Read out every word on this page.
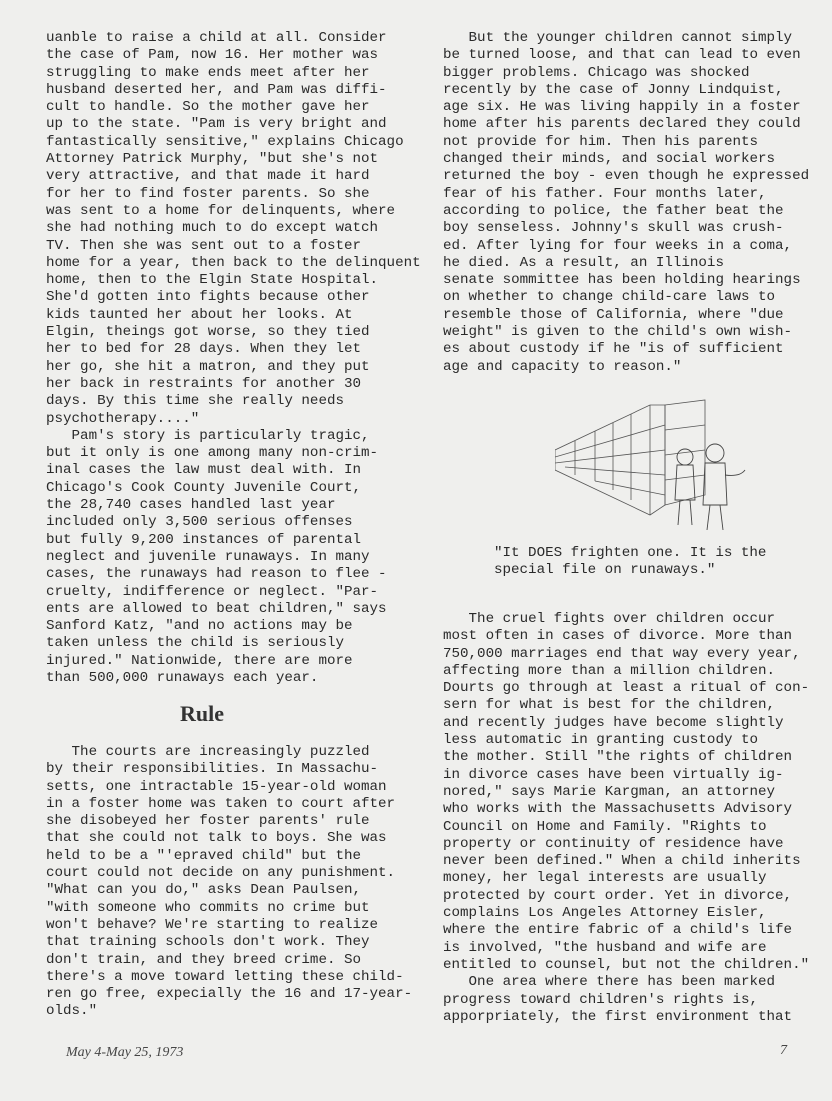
uanble to raise a child at all. Consider
the case of Pam, now 16. Her mother was
struggling to make ends meet after her
husband deserted her, and Pam was diffi-
cult to handle. So the mother gave her
up to the state. "Pam is very bright and
fantastically sensitive," explains Chicago
Attorney Patrick Murphy, "but she's not
very attractive, and that made it hard
for her to find foster parents. So she
was sent to a home for delinquents, where
she had nothing much to do except watch
TV. Then she was sent out to a foster
home for a year, then back to the delinquent
home, then to the Elgin State Hospital.
She'd gotten into fights because other
kids taunted her about her looks. At
Elgin, theings got worse, so they tied
her to bed for 28 days. When they let
her go, she hit a matron, and they put
her back in restraints for another 30
days. By this time she really needs
psychotherapy...."
Pam's story is particularly tragic,
but it only is one among many non-crim-
inal cases the law must deal with. In
Chicago's Cook County Juvenile Court,
the 28,740 cases handled last year
included only 3,500 serious offenses
but fully 9,200 instances of parental
neglect and juvenile runaways. In many
cases, the runaways had reason to flee -
cruelty, indifference or neglect. "Par-
ents are allowed to beat children," says
Sanford Katz, "and no actions may be
taken unless the child is seriously
injured." Nationwide, there are more
than 500,000 runaways each year.
Rule
The courts are increasingly puzzled
by their responsibilities. In Massachu-
setts, one intractable 15-year-old woman
in a foster home was taken to court after
she disobeyed her foster parents' rule
that she could not talk to boys. She was
held to be a "'epraved child" but the
court could not decide on any punishment.
"What can you do," asks Dean Paulsen,
"with someone who commits no crime but
won't behave? We're starting to realize
that training schools don't work. They
don't train, and they breed crime. So
there's a move toward letting these child-
ren go free, expecially the 16 and 17-year-
olds."
But the younger children cannot simply
be turned loose, and that can lead to even
bigger problems. Chicago was shocked
recently by the case of Jonny Lindquist,
age six. He was living happily in a foster
home after his parents declared they could
not provide for him. Then his parents
changed their minds, and social workers
returned the boy - even though he expressed
fear of his father. Four months later,
according to police, the father beat the
boy senseless. Johnny's skull was crush-
ed. After lying for four weeks in a coma,
he died. As a result, an Illinois
senate sommittee has been holding hearings
on whether to change child-care laws to
resemble those of California, where "due
weight" is given to the child's own wish-
es about custody if he "is of sufficient
age and capacity to reason."
"It DOES frighten one. It is the
special file on runaways."
The cruel fights over children occur
most often in cases of divorce. More than
750,000 marriages end that way every year,
affecting more than a million children.
Dourts go through at least a ritual of con-
sern for what is best for the children,
and recently judges have become slightly
less automatic in granting custody to
the mother. Still "the rights of children
in divorce cases have been virtually ig-
nored," says Marie Kargman, an attorney
who works with the Massachusetts Advisory
Council on Home and Family. "Rights to
property or continuity of residence have
never been defined." When a child inherits
money, her legal interests are usually
protected by court order. Yet in divorce,
complains Los Angeles Attorney Eisler,
where the entire fabric of a child's life
is involved, "the husband and wife are
entitled to counsel, but not the children."
One area where there has been marked
progress toward children's rights is,
apporpriately, the first environment that
May 4-May 25, 1973	7
